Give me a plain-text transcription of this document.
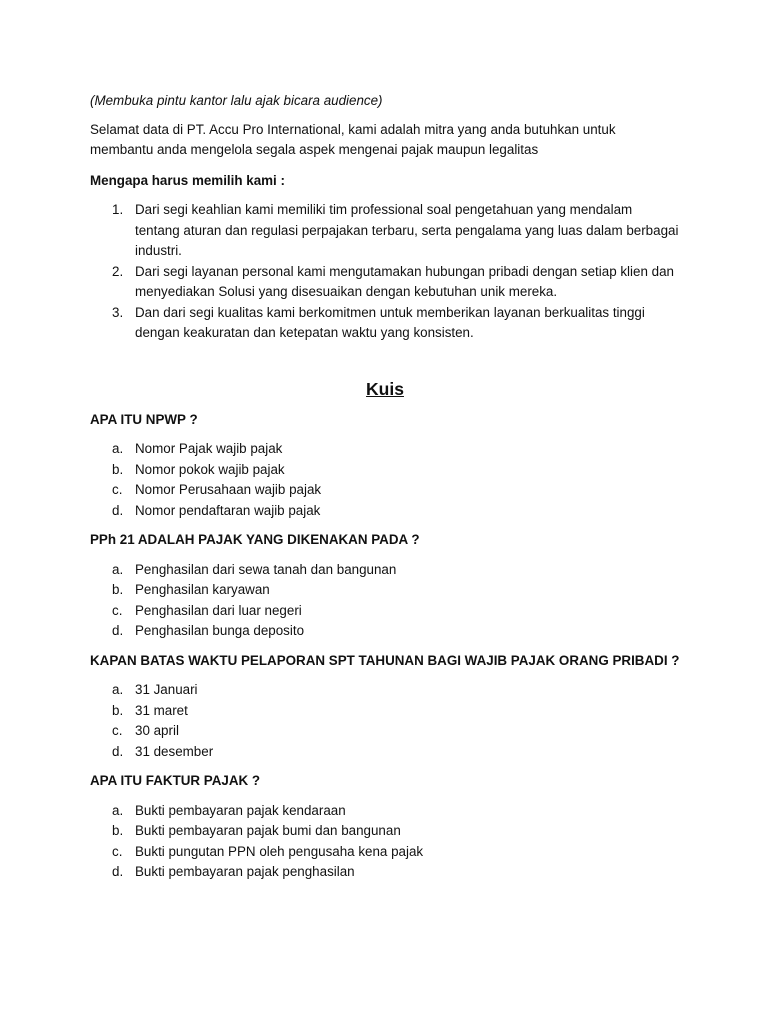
(Membuka pintu kantor lalu ajak bicara audience)

Selamat data di PT. Accu Pro International, kami adalah mitra yang anda butuhkan untuk membantu anda mengelola segala aspek mengenai pajak maupun legalitas

Mengapa harus memilih kami :

1. Dari segi keahlian kami memiliki tim professional soal pengetahuan yang mendalam tentang aturan dan regulasi perpajakan terbaru, serta pengalama yang luas dalam berbagai industri.
2. Dari segi layanan personal kami mengutamakan hubungan pribadi dengan setiap klien dan menyediakan Solusi yang disesuaikan dengan kebutuhan unik mereka.
3. Dan dari segi kualitas kami berkomitmen untuk memberikan layanan berkualitas tinggi dengan keakuratan dan ketepatan waktu yang konsisten.
Kuis

APA ITU NPWP ?

a. Nomor Pajak wajib pajak
b. Nomor pokok wajib pajak
c. Nomor Perusahaan wajib pajak
d. Nomor pendaftaran wajib pajak

PPh 21 ADALAH PAJAK YANG DIKENAKAN PADA ?

a. Penghasilan dari sewa tanah dan bangunan
b. Penghasilan karyawan
c. Penghasilan dari luar negeri
d. Penghasilan bunga deposito

KAPAN BATAS WAKTU PELAPORAN SPT TAHUNAN BAGI WAJIB PAJAK ORANG PRIBADI ?

a. 31 Januari
b. 31 maret
c. 30 april
d. 31 desember

APA ITU FAKTUR PAJAK ?

a. Bukti pembayaran pajak kendaraan
b. Bukti pembayaran pajak bumi dan bangunan
c. Bukti pungutan PPN oleh pengusaha kena pajak
d. Bukti pembayaran pajak penghasilan
